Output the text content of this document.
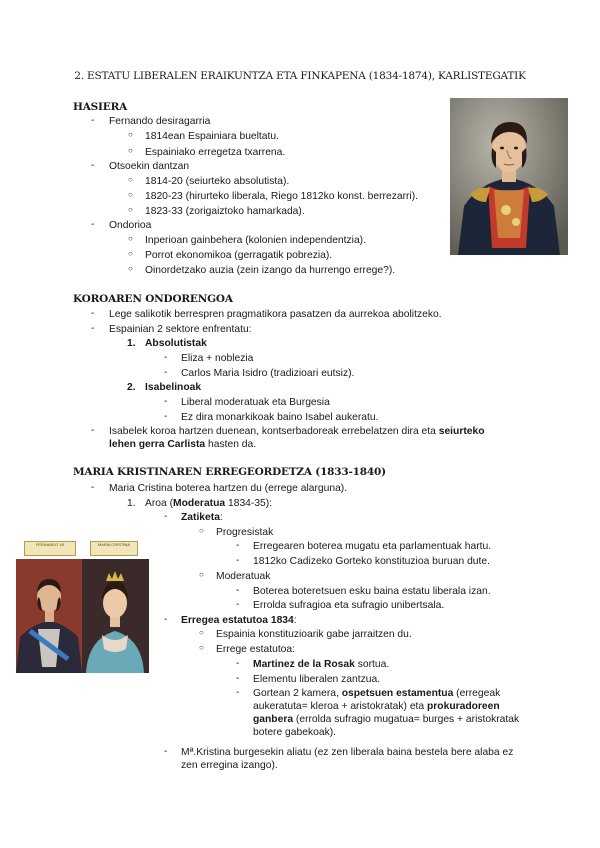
2. ESTATU LIBERALEN ERAIKUNTZA ETA FINKAPENA (1834-1874), KARLISTEGATIK
HASIERA
- Fernando desiragarria
○ 1814ean Espainiara bueltatu.
○ Espainiako erregetza txarrena.
- Otsoekin dantzan
○ 1814-20 (seiurteko absolutista).
○ 1820-23 (hirurteko liberala, Riego 1812ko konst. berrezarri).
○ 1823-33 (zorigaiztoko hamarkada).
- Ondorioa
○ Inperioan gainbehera (kolonien independentzia).
○ Porrot ekonomikoa (gerragatik pobrezia).
○ Oinordetzako auzia (zein izango da hurrengo errege?).
KOROAREN ONDORENGOA
- Lege salikotik berrespren pragmatikora pasatzen da aurrekoa abolitzeko.
- Espainian 2 sektore enfrentatu:
1. Absolutistak
- Eliza + noblezia
- Carlos Maria Isidro (tradizioari eutsiz).
2. Isabelinoak
- Liberal moderatuak eta Burgesia
- Ez dira monarkikoak baino Isabel aukeratu.
- Isabelek koroa hartzen duenean, kontserbadoreak errebelatzen dira eta seiurteko
lehen gerra Carlista hasten da.
MARIA KRISTINAREN ERREGEORDETZA (1833-1840)
- Maria Cristina boterea hartzen du (errege alarguna).
1. Aroa (Moderatua 1834-35):
- Zatiketa:
○ Progresistak
- Erregearen boterea mugatu eta parlamentuak hartu.
- 1812ko Cadizeko Gorteko konstituzioa buruan dute.
○ Moderatuak
- Boterea boteretsuen esku baina estatu liberala izan.
- Errolda sufragioa eta sufragio unibertsala.
- Erregea estatutoa 1834:
○ Espainia konstituzioarik gabe jarraitzen du.
○ Errege estatutoa:
- Martinez de la Rosak sortua.
- Elementu liberalen zantzua.
- Gortean 2 kamera, ospetsuen estamentua (erregeak aukeratuta= kleroa + aristokratak) eta prokuradoreen ganbera (errolda sufragio mugatua= burges + aristokratak botere gabekoak).
- Mª.Kristina burgesekin aliatu (ez zen liberala baina bestela bere alaba ez zen erregina izango).
FERNANDO VII	MARIA CRISTINA
